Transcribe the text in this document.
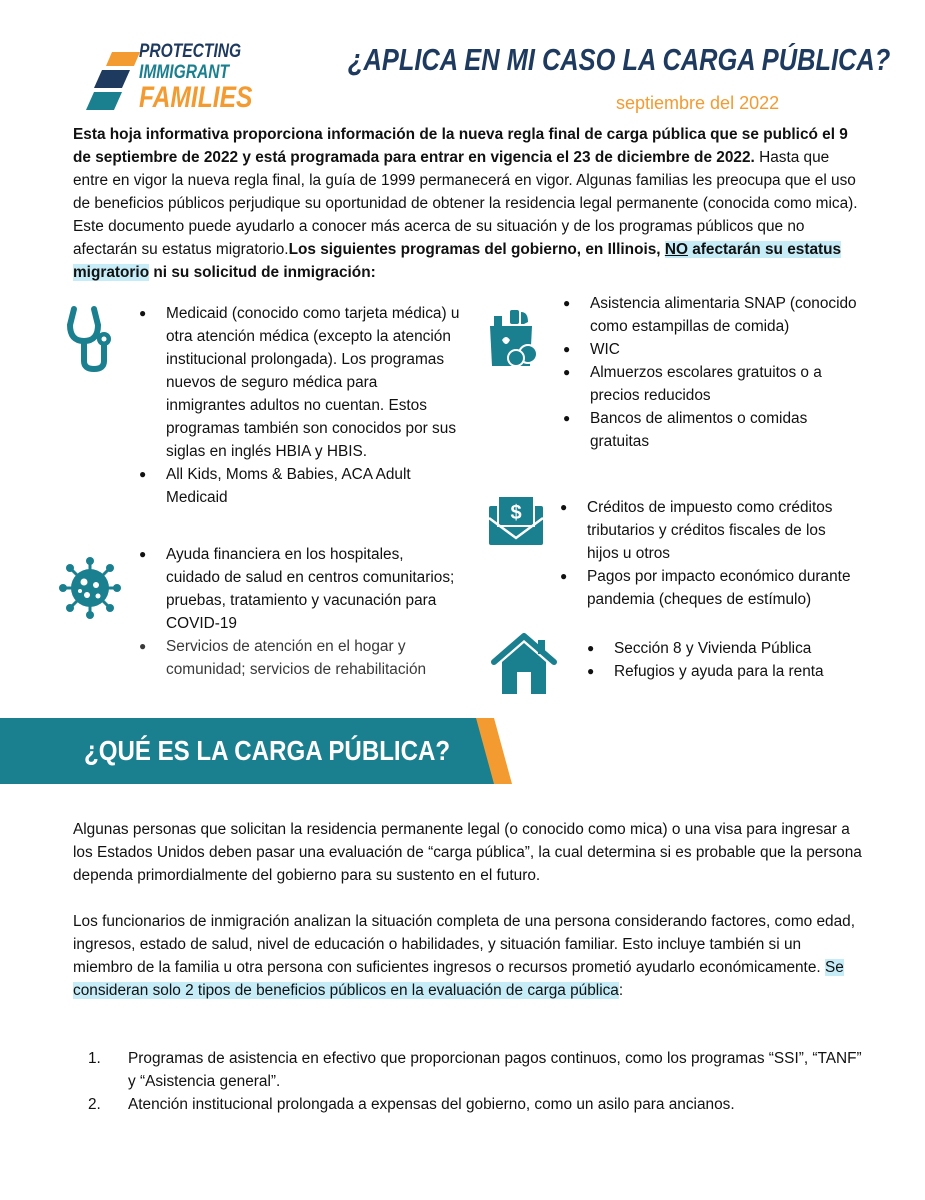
PROTECTING
IMMIGRANT
FAMILIES
¿APLICA EN MI CASO LA CARGA PÚBLICA?
septiembre del 2022
Esta hoja informativa proporciona información de la nueva regla final de carga pública que se publicó el 9 de septiembre de 2022 y está programada para entrar en vigencia el 23 de diciembre de 2022. Hasta que entre en vigor la nueva regla final, la guía de 1999 permanecerá en vigor. Algunas familias les preocupa que el uso de beneficios públicos perjudique su oportunidad de obtener la residencia legal permanente (conocida como mica). Este documento puede ayudarlo a conocer más acerca de su situación y de los programas públicos que no afectarán su estatus migratorio.Los siguientes programas del gobierno, en Illinois, NO afectarán su estatus migratorio ni su solicitud de inmigración:
$
● Medicaid (conocido como tarjeta médica) u otra atención médica (excepto la atención institucional prolongada). Los programas nuevos de seguro médica para inmigrantes adultos no cuentan. Estos programas también son conocidos por sus siglas en inglés HBIA y HBIS.
● All Kids, Moms & Babies, ACA Adult Medicaid
● Ayuda financiera en los hospitales, cuidado de salud en centros comunitarios; pruebas, tratamiento y vacunación para COVID-19
● Servicios de atención en el hogar y comunidad; servicios de rehabilitación
● Asistencia alimentaria SNAP (conocido como estampillas de comida)
● WIC
● Almuerzos escolares gratuitos o a precios reducidos
● Bancos de alimentos o comidas gratuitas
● Créditos de impuesto como créditos tributarios y créditos fiscales de los hijos u otros
● Pagos por impacto económico durante pandemia (cheques de estímulo)
● Sección 8 y Vivienda Pública
● Refugios y ayuda para la renta
¿QUÉ ES LA CARGA PÚBLICA?

Algunas personas que solicitan la residencia permanente legal (o conocido como mica) o una visa para ingresar a los Estados Unidos deben pasar una evaluación de “carga pública”, la cual determina si es probable que la persona dependa primordialmente del gobierno para su sustento en el futuro.

Los funcionarios de inmigración analizan la situación completa de una persona considerando factores, como edad, ingresos, estado de salud, nivel de educación o habilidades, y situación familiar. Esto incluye también si un miembro de la familia u otra persona con suficientes ingresos o recursos prometió ayudarlo económicamente. Se consideran solo 2 tipos de beneficios públicos en la evaluación de carga pública:

1. Programas de asistencia en efectivo que proporcionan pagos continuos, como los programas “SSI”, “TANF” y “Asistencia general”.
2. Atención institucional prolongada a expensas del gobierno, como un asilo para ancianos.
